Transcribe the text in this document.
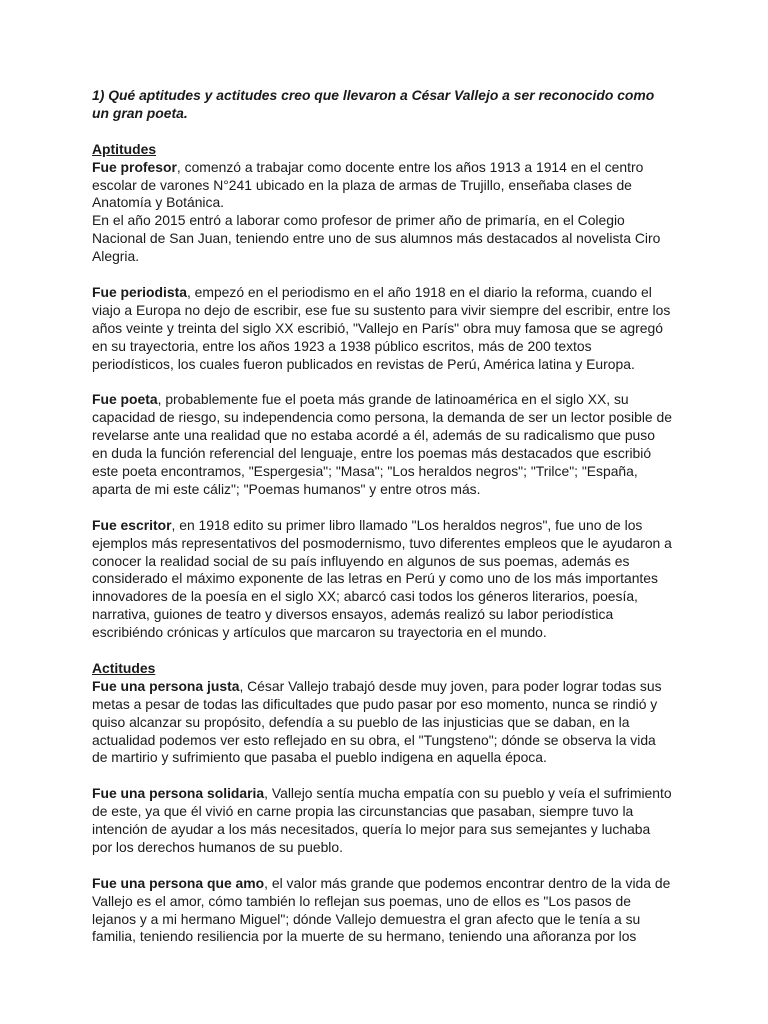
1) Qué aptitudes y actitudes creo que llevaron a César Vallejo a ser reconocido como un gran poeta.

Aptitudes

Fue profesor, comenzó a trabajar como docente entre los años 1913 a 1914 en el centro escolar de varones N°241 ubicado en la plaza de armas de Trujillo, enseñaba clases de Anatomía y Botánica.

En el año 2015 entró a laborar como profesor de primer año de primaría, en el Colegio Nacional de San Juan, teniendo entre uno de sus alumnos más destacados al novelista Ciro Alegria.

Fue periodista, empezó en el periodismo en el año 1918 en el diario la reforma, cuando el viajo a Europa no dejo de escribir, ese fue su sustento para vivir siempre del escribir, entre los años veinte y treinta del siglo XX escribió, "Vallejo en París" obra muy famosa que se agregó en su trayectoria, entre los años 1923 a 1938 público escritos, más de 200 textos periodísticos, los cuales fueron publicados en revistas de Perú, América latina y Europa.

Fue poeta, probablemente fue el poeta más grande de latinoamérica en el siglo XX, su capacidad de riesgo, su independencia como persona, la demanda de ser un lector posible de revelarse ante una realidad que no estaba acordé a él, además de su radicalismo que puso en duda la función referencial del lenguaje, entre los poemas más destacados que escribió este poeta encontramos, "Espergesia"; "Masa"; "Los heraldos negros"; "Trilce"; "España, aparta de mi este cáliz"; "Poemas humanos" y entre otros más.

Fue escritor, en 1918 edito su primer libro llamado "Los heraldos negros", fue uno de los ejemplos más representativos del posmodernismo, tuvo diferentes empleos que le ayudaron a conocer la realidad social de su país influyendo en algunos de sus poemas, además es considerado el máximo exponente de las letras en Perú y como uno de los más importantes innovadores de la poesía en el siglo XX; abarcó casi todos los géneros literarios, poesía, narrativa, guiones de teatro y diversos ensayos, además realizó su labor periodística escribiéndo crónicas y artículos que marcaron su trayectoria en el mundo.

Actitudes

Fue una persona justa, César Vallejo trabajó desde muy joven, para poder lograr todas sus metas a pesar de todas las dificultades que pudo pasar por eso momento, nunca se rindió y quiso alcanzar su propósito, defendía a su pueblo de las injusticias que se daban, en la actualidad podemos ver esto reflejado en su obra, el "Tungsteno"; dónde se observa la vida de martirio y sufrimiento que pasaba el pueblo indigena en aquella época.

Fue una persona solidaria, Vallejo sentía mucha empatía con su pueblo y veía el sufrimiento de este, ya que él vivió en carne propia las circunstancias que pasaban, siempre tuvo la intención de ayudar a los más necesitados, quería lo mejor para sus semejantes y luchaba por los derechos humanos de su pueblo.

Fue una persona que amo, el valor más grande que podemos encontrar dentro de la vida de Vallejo es el amor, cómo también lo reflejan sus poemas, uno de ellos es "Los pasos de lejanos y a mi hermano Miguel"; dónde Vallejo demuestra el gran afecto que le tenía a su familia, teniendo resiliencia por la muerte de su hermano, teniendo una añoranza por los
